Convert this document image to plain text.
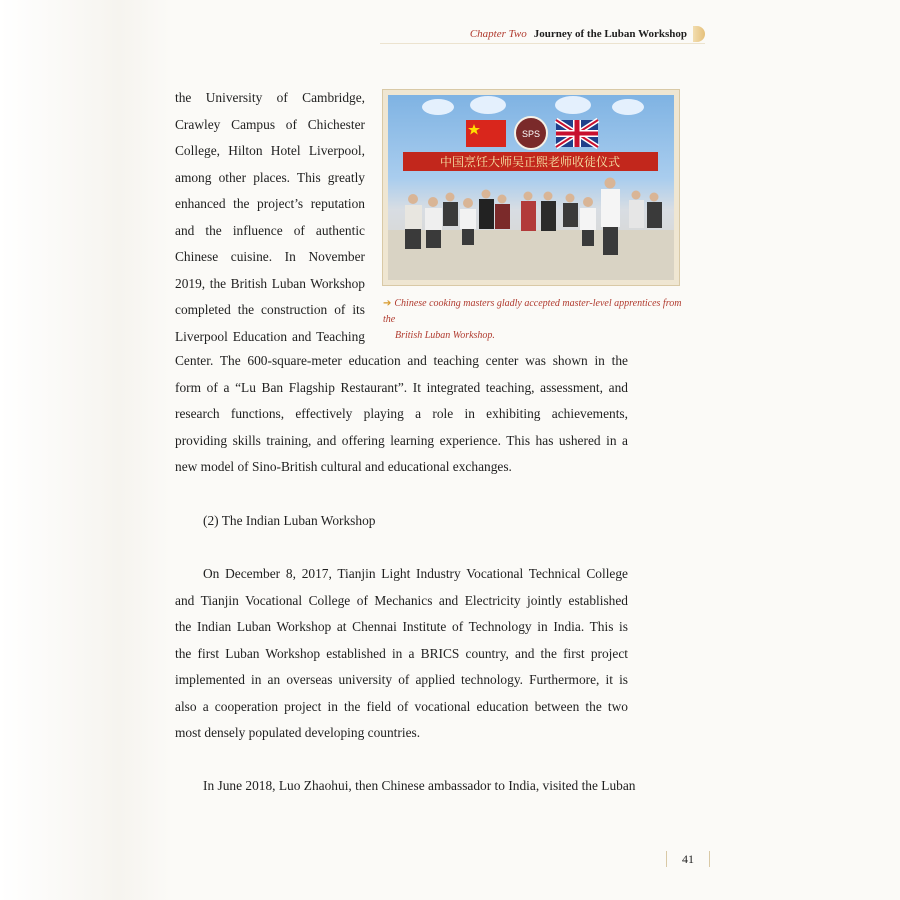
Chapter Two Journey of the Luban Workshop
the University of Cambridge,
Crawley Campus of Chichester
College, Hilton Hotel Liverpool,
among other places. This greatly
enhanced the project’s reputation
and the influence of authentic
Chinese cuisine. In November
2019, the British Luban Workshop
completed the construction of its
Liverpool Education and Teaching
SPS
中国烹饪大师吴正熙老师收徒仪式
➔ Chinese cooking masters gladly accepted master-level apprentices from the
British Luban Workshop.
Center. The 600-square-meter education and teaching center was shown in the
form of a “Lu Ban Flagship Restaurant”. It integrated teaching, assessment, and
research functions, effectively playing a role in exhibiting achievements,
providing skills training, and offering learning experience. This has ushered in a
new model of Sino-British cultural and educational exchanges.
(2) The Indian Luban Workshop
On December 8, 2017, Tianjin Light Industry Vocational Technical College
and Tianjin Vocational College of Mechanics and Electricity jointly established
the Indian Luban Workshop at Chennai Institute of Technology in India. This is
the first Luban Workshop established in a BRICS country, and the first project
implemented in an overseas university of applied technology. Furthermore, it is
also a cooperation project in the field of vocational education between the two
most densely populated developing countries.
In June 2018, Luo Zhaohui, then Chinese ambassador to India, visited the Luban
41
